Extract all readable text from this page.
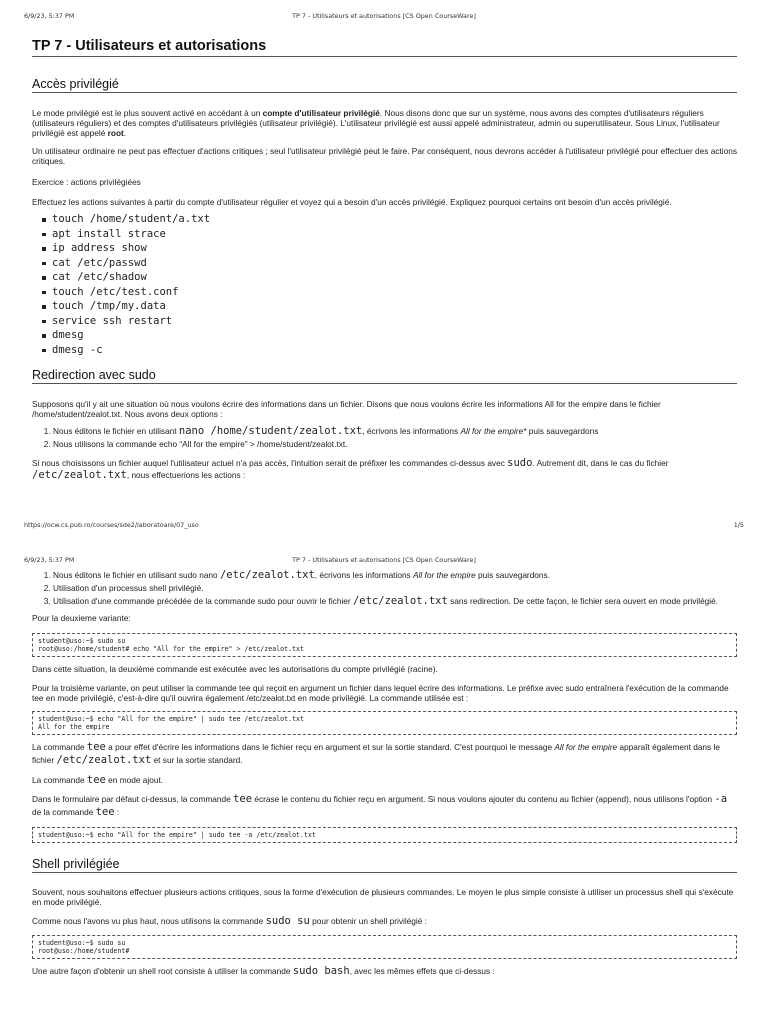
6/9/23, 5:37 PM	TP 7 - Utilisateurs et autorisations [CS Open CourseWare]
TP 7 - Utilisateurs et autorisations
Accès privilégié

Le mode privilégié est le plus souvent activé en accédant à un compte d'utilisateur privilégié. Nous disons donc que sur un système, nous avons des comptes d'utilisateurs réguliers (utilisateurs réguliers) et des comptes d'utilisateurs privilégiés (utilisateur privilégié). L'utilisateur privilégié est aussi appelé administrateur, admin ou superutilisateur. Sous Linux, l'utilisateur privilégié est appelé root.

Un utilisateur ordinaire ne peut pas effectuer d'actions critiques ; seul l'utilisateur privilégié peut le faire. Par conséquent, nous devrons accéder à l'utilisateur privilégié pour effectuer des actions critiques.

Exercice : actions privilégiées

Effectuez les actions suivantes à partir du compte d'utilisateur régulier et voyez qui a besoin d'un accès privilégié. Expliquez pourquoi certains ont besoin d'un accès privilégié.

touch /home/student/a.txt
apt install strace
ip address show
cat /etc/passwd
cat /etc/shadow
touch /etc/test.conf
touch /tmp/my.data
service ssh restart
dmesg
dmesg -c
Redirection avec sudo

Supposons qu'il y ait une situation où nous voulons écrire des informations dans un fichier. Disons que nous voulons écrire les informations All for the empire dans le fichier /home/student/zealot.txt. Nous avons deux options :

1. Nous éditons le fichier en utilisant nano /home/student/zealot.txt, écrivons les informations All for the empire* puis sauvegardons
2. Nous utilisons la commande echo “All for the empire” > /home/student/zealot.txt.

Si nous choisissons un fichier auquel l'utilisateur actuel n'a pas accès, l'intuition serait de préfixer les commandes ci-dessus avec sudo. Autrement dit, dans le cas du fichier
/etc/zealot.txt, nous effectuerions les actions :

https://ocw.cs.pub.ro/courses/sde2/laboratoare/07_uso	1/5
6/9/23, 5:37 PM	TP 7 - Utilisateurs et autorisations [CS Open CourseWare]
1. Nous éditons le fichier en utilisant sudo nano /etc/zealot.txt, écrivons les informations All for the empire puis sauvegardons.
2. Utilisation d'un processus shell privilégié.
3. Utilisation d'une commande précédée de la commande sudo pour ouvrir le fichier /etc/zealot.txt sans redirection. De cette façon, le fichier sera ouvert en mode privilégié.

Pour la deuxieme variante:

student@uso:~$ sudo su
root@uso:/home/student# echo "All for the empire" > /etc/zealot.txt

Dans cette situation, la deuxième commande est exécutée avec les autorisations du compte privilégié (racine).

Pour la troisième variante, on peut utiliser la commande tee qui reçoit en argument un fichier dans lequel écrire des informations. Le préfixe avec sudo entraînera l'exécution de la commande tee en mode privilégié, c'est-à-dire qu'il ouvrira également /etc/zealot.txt en mode privilégié. La commande utilisée est :

student@uso:~$ echo "All for the empire" | sudo tee /etc/zealot.txt
All for the empire

La commande tee a pour effet d'écrire les informations dans le fichier reçu en argument et sur la sortie standard. C'est pourquoi le message All for the empire apparaît également dans le fichier /etc/zealot.txt et sur la sortie standard.

La commande tee en mode ajout.

Dans le formulaire par défaut ci-dessus, la commande tee écrase le contenu du fichier reçu en argument. Si nous voulons ajouter du contenu au fichier (append), nous utilisons l'option -a de la commande tee :

student@uso:~$ echo "All for the empire" | sudo tee -a /etc/zealot.txt
Shell privilégiée

Souvent, nous souhaitons effectuer plusieurs actions critiques, sous la forme d'exécution de plusieurs commandes. Le moyen le plus simple consiste à utiliser un processus shell qui s'exécute en mode privilégié.

Comme nous l'avons vu plus haut, nous utilisons la commande sudo su pour obtenir un shell privilégié :

student@uso:~$ sudo su
root@uso:/home/student#

Une autre façon d'obtenir un shell root consiste à utiliser la commande sudo bash, avec les mêmes effets que ci-dessus :
